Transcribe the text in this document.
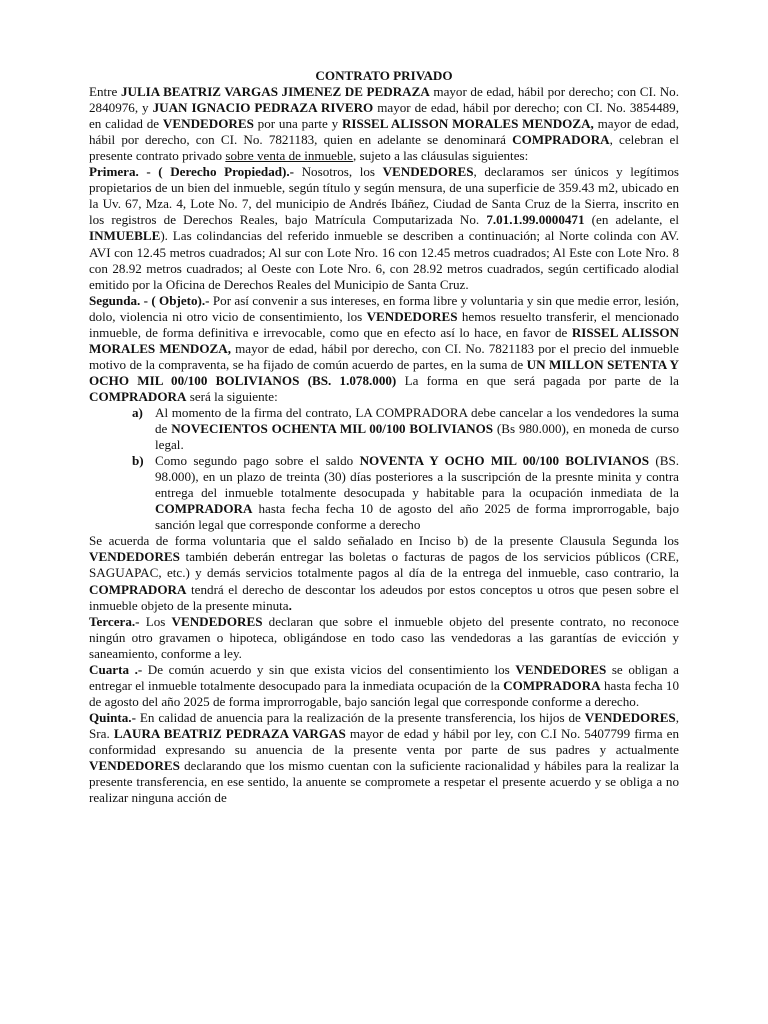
CONTRATO PRIVADO

Entre JULIA BEATRIZ VARGAS JIMENEZ DE PEDRAZA mayor de edad, hábil por derecho; con CI. No. 2840976, y JUAN IGNACIO PEDRAZA RIVERO mayor de edad, hábil por derecho; con CI. No. 3854489, en calidad de VENDEDORES por una parte y RISSEL ALISSON MORALES MENDOZA, mayor de edad, hábil por derecho, con CI. No. 7821183, quien en adelante se denominará COMPRADORA, celebran el presente contrato privado sobre venta de inmueble, sujeto a las cláusulas siguientes:

Primera. - ( Derecho Propiedad).- Nosotros, los VENDEDORES, declaramos ser únicos y legítimos propietarios de un bien del inmueble, según título y según mensura, de una superficie de 359.43 m2, ubicado en la Uv. 67, Mza. 4, Lote No. 7, del municipio de Andrés Ibáñez, Ciudad de Santa Cruz de la Sierra, inscrito en los registros de Derechos Reales, bajo Matrícula Computarizada No. 7.01.1.99.0000471 (en adelante, el INMUEBLE). Las colindancias del referido inmueble se describen a continuación; al Norte colinda con AV. AVI con 12.45 metros cuadrados; Al sur con Lote Nro. 16 con 12.45 metros cuadrados; Al Este con Lote Nro. 8 con 28.92 metros cuadrados; al Oeste con Lote Nro. 6, con 28.92 metros cuadrados, según certificado alodial emitido por la Oficina de Derechos Reales del Municipio de Santa Cruz.

Segunda. - ( Objeto).- Por así convenir a sus intereses, en forma libre y voluntaria y sin que medie error, lesión, dolo, violencia ni otro vicio de consentimiento, los VENDEDORES hemos resuelto transferir, el mencionado inmueble, de forma definitiva e irrevocable, como que en efecto así lo hace, en favor de RISSEL ALISSON MORALES MENDOZA, mayor de edad, hábil por derecho, con CI. No. 7821183 por el precio del inmueble motivo de la compraventa, se ha fijado de común acuerdo de partes, en la suma de UN MILLON SETENTA Y OCHO MIL 00/100 BOLIVIANOS (BS. 1.078.000) La forma en que será pagada por parte de la COMPRADORA será la siguiente:

a) Al momento de la firma del contrato, LA COMPRADORA debe cancelar a los vendedores la suma de NOVECIENTOS OCHENTA MIL 00/100 BOLIVIANOS (Bs 980.000), en moneda de curso legal.
b) Como segundo pago sobre el saldo NOVENTA Y OCHO MIL 00/100 BOLIVIANOS (BS. 98.000), en un plazo de treinta (30) días posteriores a la suscripción de la presnte minita y contra entrega del inmueble totalmente desocupada y habitable para la ocupación inmediata de la COMPRADORA hasta fecha fecha 10 de agosto del año 2025 de forma improrrogable, bajo sanción legal que corresponde conforme a derecho

Se acuerda de forma voluntaria que el saldo señalado en Inciso b) de la presente Clausula Segunda los VENDEDORES también deberán entregar las boletas o facturas de pagos de los servicios públicos (CRE, SAGUAPAC, etc.) y demás servicios totalmente pagos al día de la entrega del inmueble, caso contrario, la COMPRADORA tendrá el derecho de descontar los adeudos por estos conceptos u otros que pesen sobre el inmueble objeto de la presente minuta.

Tercera.- Los VENDEDORES declaran que sobre el inmueble objeto del presente contrato, no reconoce ningún otro gravamen o hipoteca, obligándose en todo caso las vendedoras a las garantías de evicción y saneamiento, conforme a ley.

Cuarta .- De común acuerdo y sin que exista vicios del consentimiento los VENDEDORES se obligan a entregar el inmueble totalmente desocupado para la inmediata ocupación de la COMPRADORA hasta fecha 10 de agosto del año 2025 de forma improrrogable, bajo sanción legal que corresponde conforme a derecho.

Quinta.- En calidad de anuencia para la realización de la presente transferencia, los hijos de VENDEDORES, Sra. LAURA BEATRIZ PEDRAZA VARGAS mayor de edad y hábil por ley, con C.I No. 5407799 firma en conformidad expresando su anuencia de la presente venta por parte de sus padres y actualmente VENDEDORES declarando que los mismo cuentan con la suficiente racionalidad y hábiles para la realizar la presente transferencia, en ese sentido, la anuente se compromete a respetar el presente acuerdo y se obliga a no realizar ninguna acción de
